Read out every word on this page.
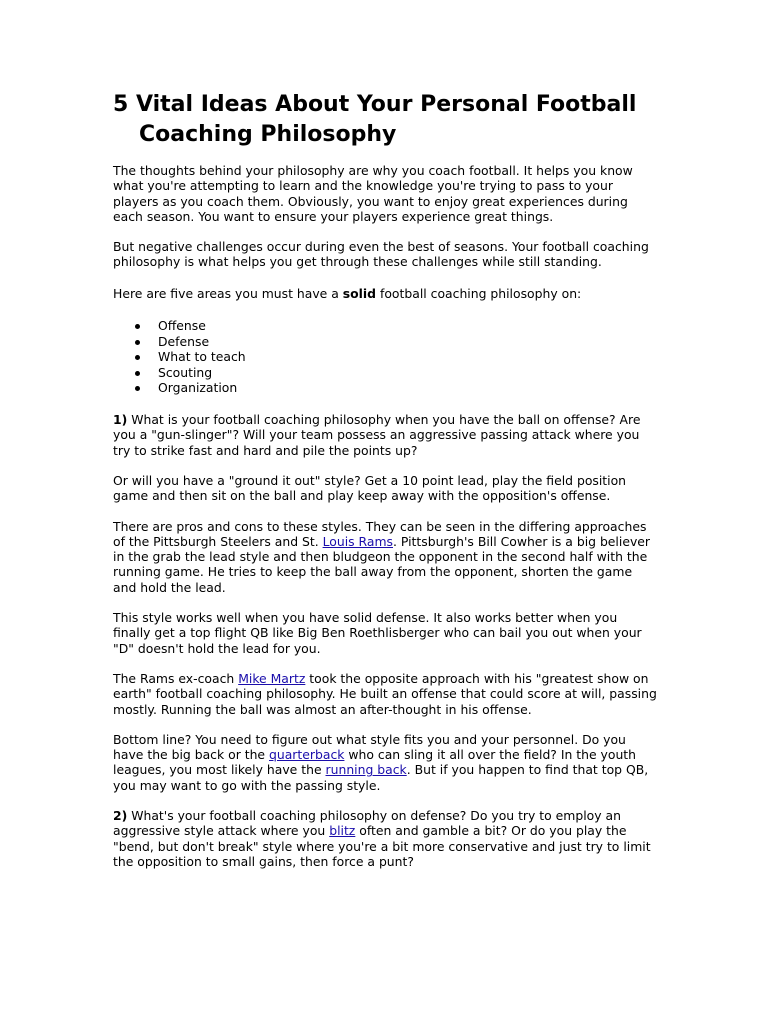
5 Vital Ideas About Your Personal Football
Coaching Philosophy

The thoughts behind your philosophy are why you coach football. It helps you know what you're attempting to learn and the knowledge you're trying to pass to your players as you coach them. Obviously, you want to enjoy great experiences during each season. You want to ensure your players experience great things.

But negative challenges occur during even the best of seasons. Your football coaching philosophy is what helps you get through these challenges while still standing.

Here are five areas you must have a solid football coaching philosophy on:

Offense
Defense
What to teach
Scouting
Organization

1) What is your football coaching philosophy when you have the ball on offense? Are you a "gun-slinger"? Will your team possess an aggressive passing attack where you try to strike fast and hard and pile the points up?

Or will you have a "ground it out" style? Get a 10 point lead, play the field position game and then sit on the ball and play keep away with the opposition's offense.

There are pros and cons to these styles. They can be seen in the differing approaches of the Pittsburgh Steelers and St. Louis Rams. Pittsburgh's Bill Cowher is a big believer in the grab the lead style and then bludgeon the opponent in the second half with the running game. He tries to keep the ball away from the opponent, shorten the game and hold the lead.

This style works well when you have solid defense. It also works better when you finally get a top flight QB like Big Ben Roethlisberger who can bail you out when your "D" doesn't hold the lead for you.

The Rams ex-coach Mike Martz took the opposite approach with his "greatest show on earth" football coaching philosophy. He built an offense that could score at will, passing mostly. Running the ball was almost an after-thought in his offense.

Bottom line? You need to figure out what style fits you and your personnel. Do you have the big back or the quarterback who can sling it all over the field? In the youth leagues, you most likely have the running back. But if you happen to find that top QB, you may want to go with the passing style.

2) What's your football coaching philosophy on defense? Do you try to employ an aggressive style attack where you blitz often and gamble a bit? Or do you play the "bend, but don't break" style where you're a bit more conservative and just try to limit the opposition to small gains, then force a punt?
